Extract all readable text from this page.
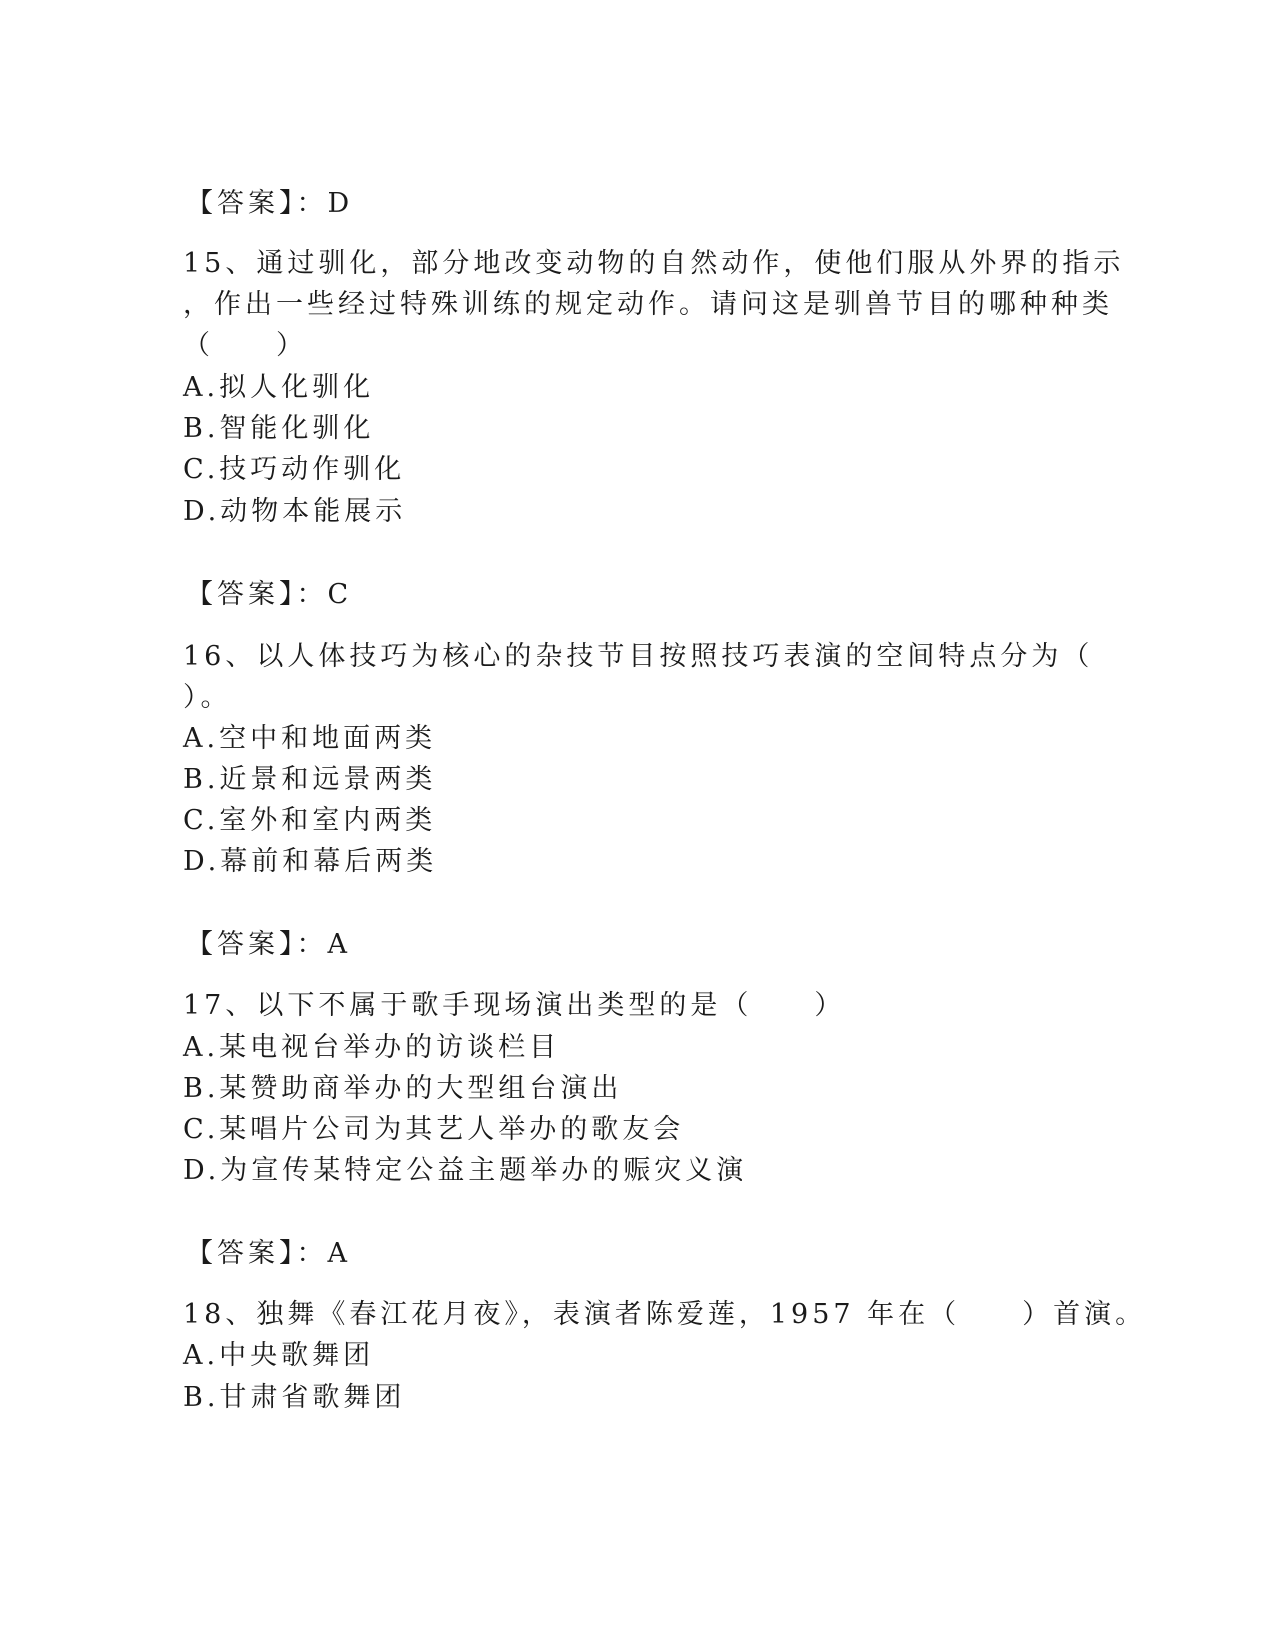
【答案】：D
15、通过驯化，部分地改变动物的自然动作，使他们服从外界的指示
，作出一些经过特殊训练的规定动作。请问这是驯兽节目的哪种种类
（　　）
A.拟人化驯化
B.智能化驯化
C.技巧动作驯化
D.动物本能展示
【答案】：C
16、以人体技巧为核心的杂技节目按照技巧表演的空间特点分为（
）。
A.空中和地面两类
B.近景和远景两类
C.室外和室内两类
D.幕前和幕后两类
【答案】：A
17、以下不属于歌手现场演出类型的是（　　）
A.某电视台举办的访谈栏目
B.某赞助商举办的大型组台演出
C.某唱片公司为其艺人举办的歌友会
D.为宣传某特定公益主题举办的赈灾义演
【答案】：A
18、独舞《春江花月夜》，表演者陈爱莲，1957 年在（　　）首演。
A.中央歌舞团
B.甘肃省歌舞团
